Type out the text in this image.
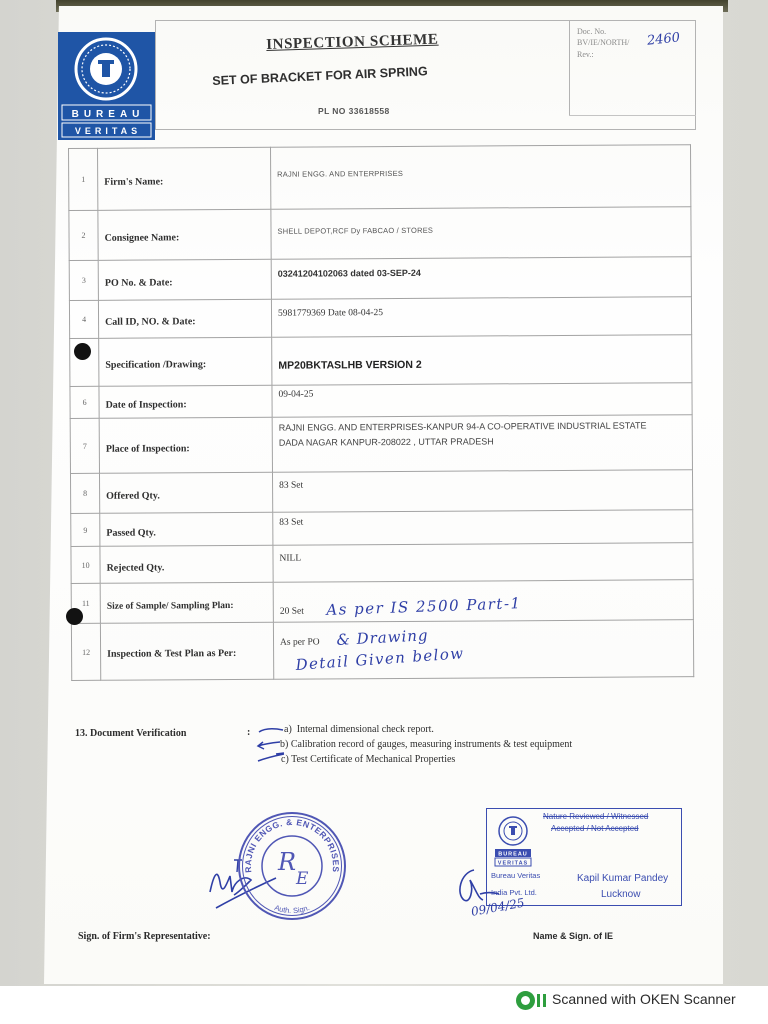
BUREAU
VERITAS
INSPECTION SCHEME
SET OF BRACKET FOR AIR SPRING
PL NO 33618558
Doc. No.
BV/IE/NORTH/ 2460
Rev.:
1	Firm's Name:	RAJNI ENGG. AND ENTERPRISES
2	Consignee Name:	SHELL DEPOT,RCF Dy FABCAO / STORES
3	PO No. & Date:	03241204102063 dated 03-SEP-24
4	Call ID, NO. & Date:	5981779369 Date 08-04-25
	Specification /Drawing:	MP20BKTASLHB VERSION 2
6	Date of Inspection:	09-04-25
7	Place of Inspection:	RAJNI ENGG. AND ENTERPRISES-KANPUR 94-A CO-OPERATIVE INDUSTRIAL ESTATE DADA NAGAR KANPUR-208022 , UTTAR PRADESH
8	Offered Qty.	83 Set
9	Passed Qty.	83 Set
10	Rejected Qty.	NILL
11	Size of Sample/ Sampling Plan:	20 Set
12	Inspection & Test Plan as Per:	As per PO
As per IS 2500 Part-1
& Drawing
Detail Given below
13. Document Verification	:	a)  Internal dimensional check report.
b) Calibration record of gauges, measuring instruments & test equipment
c) Test Certificate of Mechanical Properties
RAJNI ENGG. & ENTERPRISES
Auth. Sign.
R
E
Nature Reviewed / Witnessed
Accepted / Not Accepted
BUREAU
VERITAS
Bureau Veritas
India Pvt. Ltd.
Kapil Kumar Pandey
Lucknow
09/04/25
Sign. of Firm's Representative:	Name & Sign. of IE
Scanned with OKEN Scanner
